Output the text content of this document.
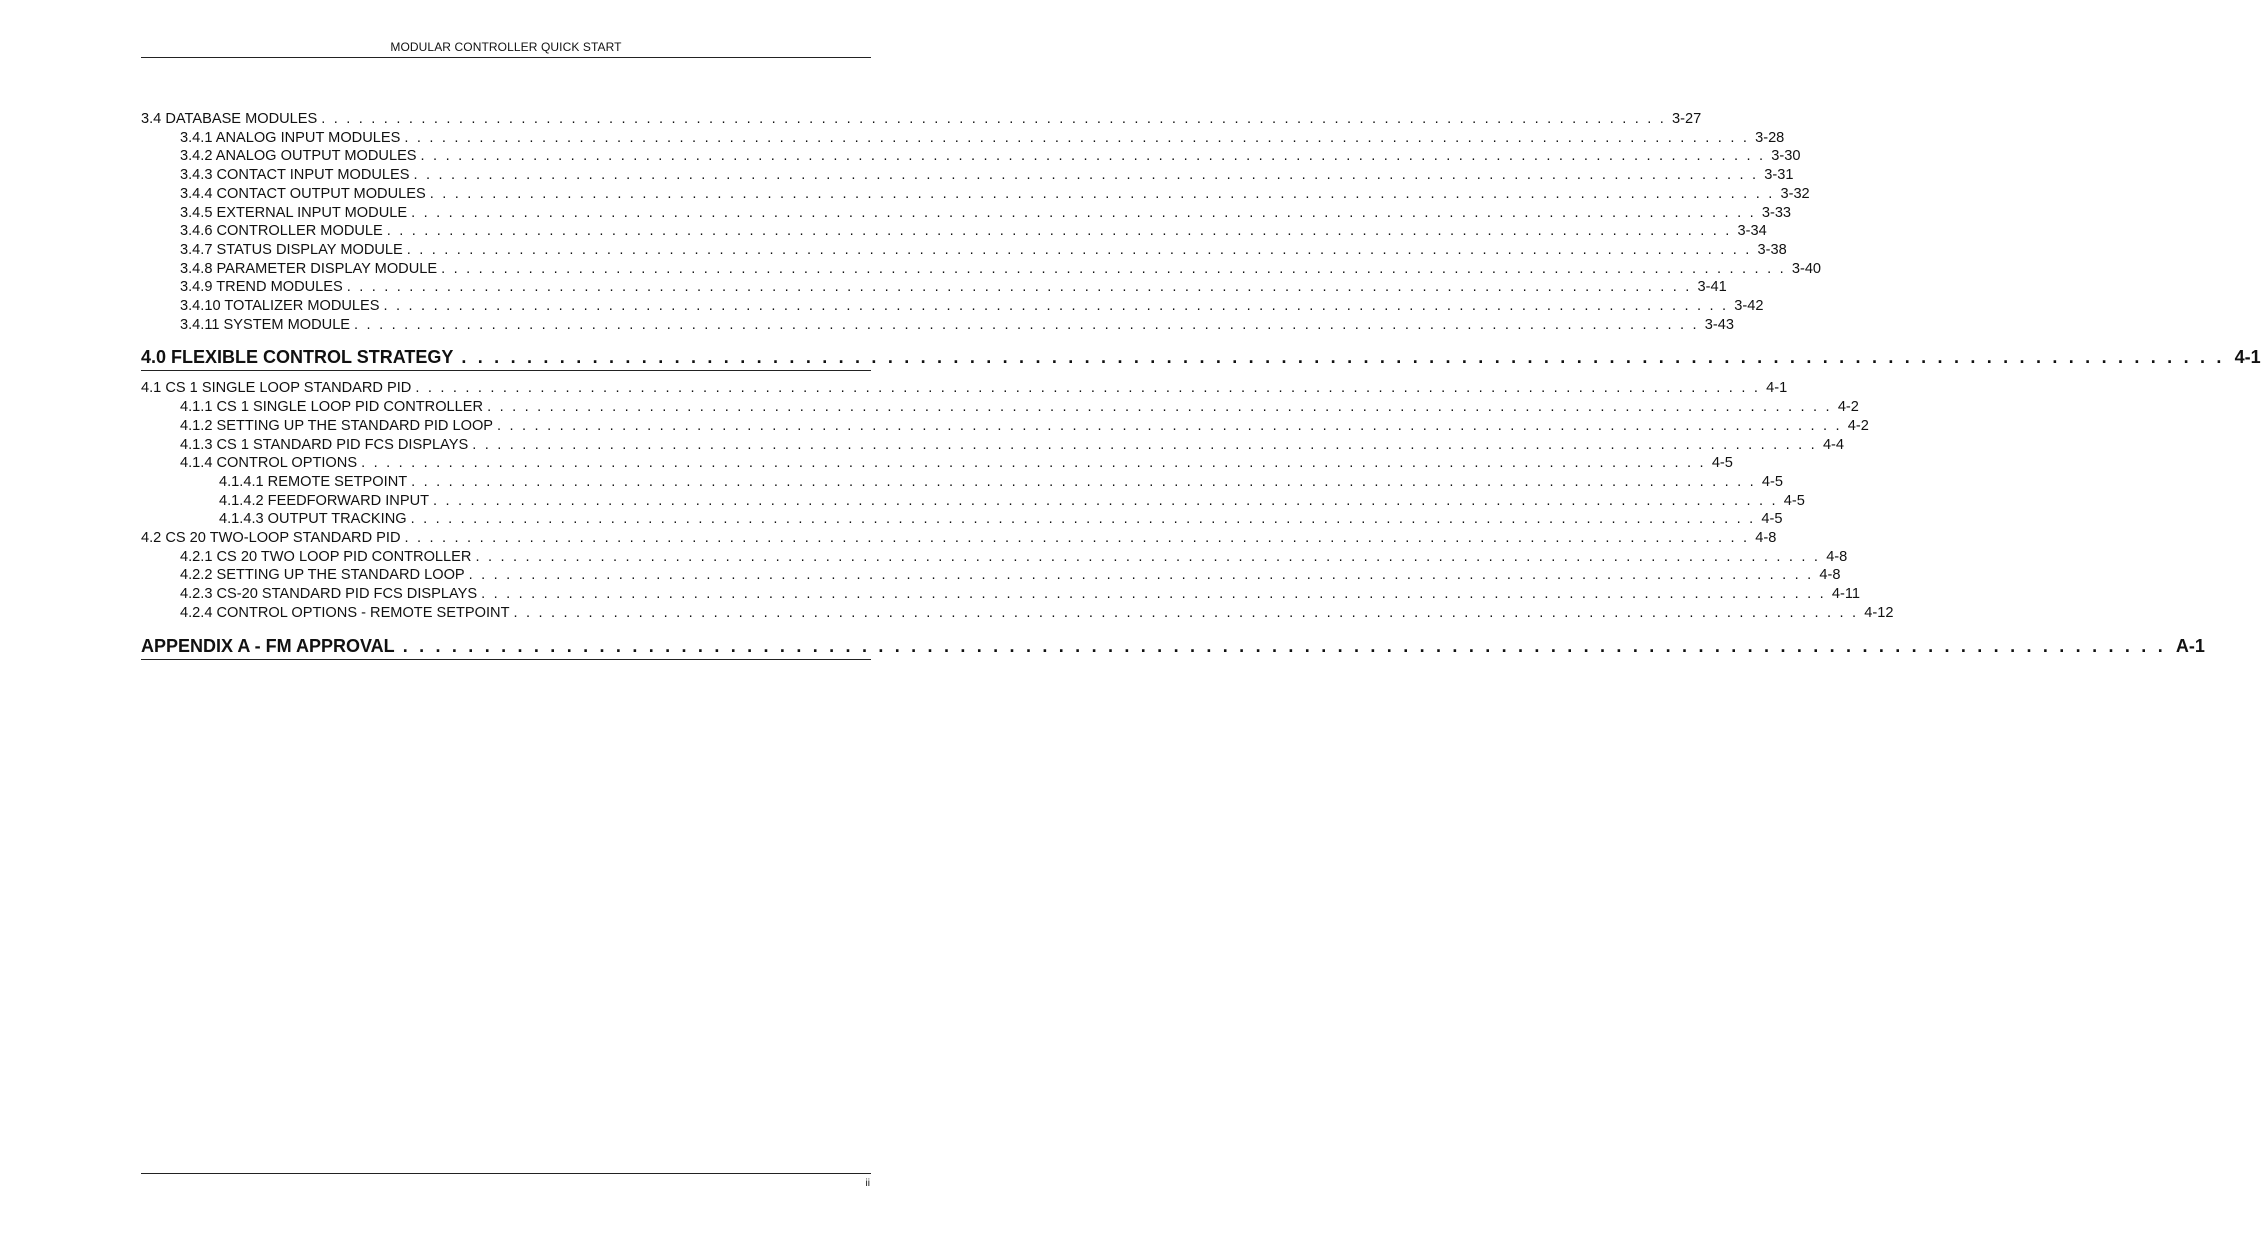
MODULAR CONTROLLER QUICK START
3.4 DATABASE MODULES . . . . . . . . . . . . . . . . . . . . . . . . . . . . . . . . . . . . . . . . . . . . . . . . . . . . . . . . . . . . . . . . . . . . . . . . . . . . . . . . . . . . . . . . . . . . . . . . . . . . . . . . . . . . 3-27
3.4.1 ANALOG INPUT MODULES . . . . . . . . . . . . . . . . . . . . . . . . . . . . . . . . . . . . . . . . . . . . . . . . . . . . . . . . . . . . . . . . . . . . . . . . . . . . . . . . . . . . . . . . . . . . . . . . . . . . . . . . . . . . 3-28
3.4.2 ANALOG OUTPUT MODULES . . . . . . . . . . . . . . . . . . . . . . . . . . . . . . . . . . . . . . . . . . . . . . . . . . . . . . . . . . . . . . . . . . . . . . . . . . . . . . . . . . . . . . . . . . . . . . . . . . . . . . . . . . . . 3-30
3.4.3 CONTACT INPUT MODULES . . . . . . . . . . . . . . . . . . . . . . . . . . . . . . . . . . . . . . . . . . . . . . . . . . . . . . . . . . . . . . . . . . . . . . . . . . . . . . . . . . . . . . . . . . . . . . . . . . . . . . . . . . . . 3-31
3.4.4 CONTACT OUTPUT MODULES . . . . . . . . . . . . . . . . . . . . . . . . . . . . . . . . . . . . . . . . . . . . . . . . . . . . . . . . . . . . . . . . . . . . . . . . . . . . . . . . . . . . . . . . . . . . . . . . . . . . . . . . . . . . 3-32
3.4.5 EXTERNAL INPUT MODULE . . . . . . . . . . . . . . . . . . . . . . . . . . . . . . . . . . . . . . . . . . . . . . . . . . . . . . . . . . . . . . . . . . . . . . . . . . . . . . . . . . . . . . . . . . . . . . . . . . . . . . . . . . . . 3-33
3.4.6 CONTROLLER MODULE . . . . . . . . . . . . . . . . . . . . . . . . . . . . . . . . . . . . . . . . . . . . . . . . . . . . . . . . . . . . . . . . . . . . . . . . . . . . . . . . . . . . . . . . . . . . . . . . . . . . . . . . . . . . 3-34
3.4.7 STATUS DISPLAY MODULE . . . . . . . . . . . . . . . . . . . . . . . . . . . . . . . . . . . . . . . . . . . . . . . . . . . . . . . . . . . . . . . . . . . . . . . . . . . . . . . . . . . . . . . . . . . . . . . . . . . . . . . . . . . . 3-38
3.4.8 PARAMETER DISPLAY MODULE . . . . . . . . . . . . . . . . . . . . . . . . . . . . . . . . . . . . . . . . . . . . . . . . . . . . . . . . . . . . . . . . . . . . . . . . . . . . . . . . . . . . . . . . . . . . . . . . . . . . . . . . . . . . 3-40
3.4.9 TREND MODULES . . . . . . . . . . . . . . . . . . . . . . . . . . . . . . . . . . . . . . . . . . . . . . . . . . . . . . . . . . . . . . . . . . . . . . . . . . . . . . . . . . . . . . . . . . . . . . . . . . . . . . . . . . . . 3-41
3.4.10 TOTALIZER MODULES . . . . . . . . . . . . . . . . . . . . . . . . . . . . . . . . . . . . . . . . . . . . . . . . . . . . . . . . . . . . . . . . . . . . . . . . . . . . . . . . . . . . . . . . . . . . . . . . . . . . . . . . . . . . 3-42
3.4.11 SYSTEM MODULE . . . . . . . . . . . . . . . . . . . . . . . . . . . . . . . . . . . . . . . . . . . . . . . . . . . . . . . . . . . . . . . . . . . . . . . . . . . . . . . . . . . . . . . . . . . . . . . . . . . . . . . . . . . . 3-43
4.0 FLEXIBLE CONTROL STRATEGY . . . . . . . . . . . . . . . . . . . . . . . . . . . . . . . . . . . . . . . . . . . . . . . . . . . . . . . . . . . . . . . . . . . . . . . . . . . . . . . . . . . . . . . . . . . . . . . . . . . . . . . . . . . . 4-1
4.1 CS 1 SINGLE LOOP STANDARD PID . . . . . . . . . . . . . . . . . . . . . . . . . . . . . . . . . . . . . . . . . . . . . . . . . . . . . . . . . . . . . . . . . . . . . . . . . . . . . . . . . . . . . . . . . . . . . . . . . . . . . . . . . . . . 4-1
4.1.1 CS 1 SINGLE LOOP PID CONTROLLER . . . . . . . . . . . . . . . . . . . . . . . . . . . . . . . . . . . . . . . . . . . . . . . . . . . . . . . . . . . . . . . . . . . . . . . . . . . . . . . . . . . . . . . . . . . . . . . . . . . . . . . . . . . . 4-2
4.1.2 SETTING UP THE STANDARD PID LOOP . . . . . . . . . . . . . . . . . . . . . . . . . . . . . . . . . . . . . . . . . . . . . . . . . . . . . . . . . . . . . . . . . . . . . . . . . . . . . . . . . . . . . . . . . . . . . . . . . . . . . . . . . . . . 4-2
4.1.3 CS 1 STANDARD PID FCS DISPLAYS . . . . . . . . . . . . . . . . . . . . . . . . . . . . . . . . . . . . . . . . . . . . . . . . . . . . . . . . . . . . . . . . . . . . . . . . . . . . . . . . . . . . . . . . . . . . . . . . . . . . . . . . . . . . 4-4
4.1.4 CONTROL OPTIONS . . . . . . . . . . . . . . . . . . . . . . . . . . . . . . . . . . . . . . . . . . . . . . . . . . . . . . . . . . . . . . . . . . . . . . . . . . . . . . . . . . . . . . . . . . . . . . . . . . . . . . . . . . . . 4-5
4.1.4.1 REMOTE SETPOINT . . . . . . . . . . . . . . . . . . . . . . . . . . . . . . . . . . . . . . . . . . . . . . . . . . . . . . . . . . . . . . . . . . . . . . . . . . . . . . . . . . . . . . . . . . . . . . . . . . . . . . . . . . . . 4-5
4.1.4.2 FEEDFORWARD INPUT . . . . . . . . . . . . . . . . . . . . . . . . . . . . . . . . . . . . . . . . . . . . . . . . . . . . . . . . . . . . . . . . . . . . . . . . . . . . . . . . . . . . . . . . . . . . . . . . . . . . . . . . . . . . 4-5
4.1.4.3 OUTPUT TRACKING . . . . . . . . . . . . . . . . . . . . . . . . . . . . . . . . . . . . . . . . . . . . . . . . . . . . . . . . . . . . . . . . . . . . . . . . . . . . . . . . . . . . . . . . . . . . . . . . . . . . . . . . . . . . 4-5
4.2 CS 20 TWO-LOOP STANDARD PID . . . . . . . . . . . . . . . . . . . . . . . . . . . . . . . . . . . . . . . . . . . . . . . . . . . . . . . . . . . . . . . . . . . . . . . . . . . . . . . . . . . . . . . . . . . . . . . . . . . . . . . . . . . . 4-8
4.2.1 CS 20 TWO LOOP PID CONTROLLER . . . . . . . . . . . . . . . . . . . . . . . . . . . . . . . . . . . . . . . . . . . . . . . . . . . . . . . . . . . . . . . . . . . . . . . . . . . . . . . . . . . . . . . . . . . . . . . . . . . . . . . . . . . . 4-8
4.2.2 SETTING UP THE STANDARD LOOP . . . . . . . . . . . . . . . . . . . . . . . . . . . . . . . . . . . . . . . . . . . . . . . . . . . . . . . . . . . . . . . . . . . . . . . . . . . . . . . . . . . . . . . . . . . . . . . . . . . . . . . . . . . . 4-8
4.2.3 CS-20 STANDARD PID FCS DISPLAYS . . . . . . . . . . . . . . . . . . . . . . . . . . . . . . . . . . . . . . . . . . . . . . . . . . . . . . . . . . . . . . . . . . . . . . . . . . . . . . . . . . . . . . . . . . . . . . . . . . . . . . . . . . . . 4-11
4.2.4 CONTROL OPTIONS - REMOTE SETPOINT . . . . . . . . . . . . . . . . . . . . . . . . . . . . . . . . . . . . . . . . . . . . . . . . . . . . . . . . . . . . . . . . . . . . . . . . . . . . . . . . . . . . . . . . . . . . . . . . . . . . . . . . . . . . 4-12
APPENDIX A - FM APPROVAL . . . . . . . . . . . . . . . . . . . . . . . . . . . . . . . . . . . . . . . . . . . . . . . . . . . . . . . . . . . . . . . . . . . . . . . . . . . . . . . . . . . . . . . . . . . . . . . . . . . . . . . . . . . . A-1
ii
